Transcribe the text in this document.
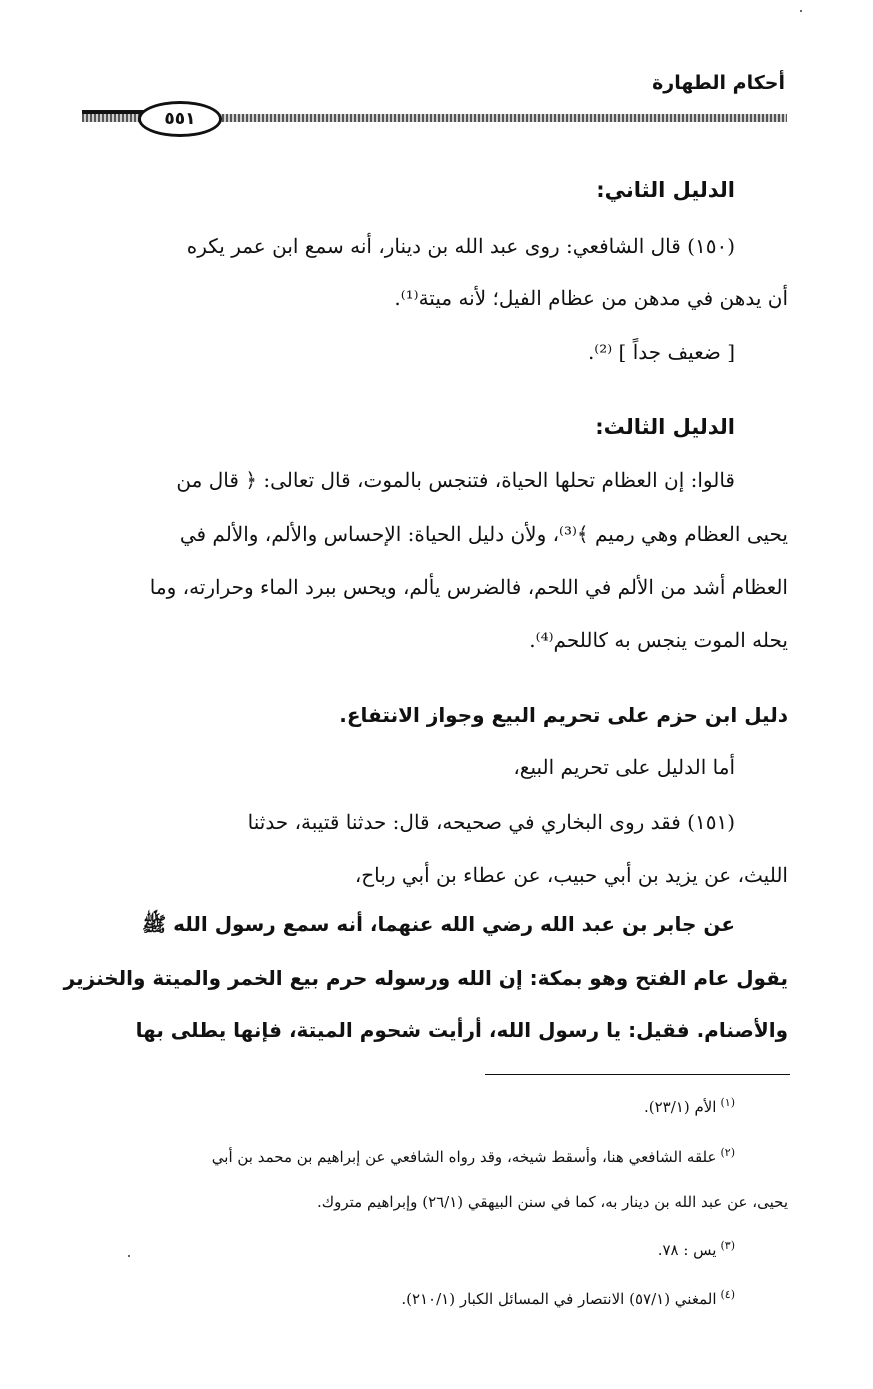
أحكام الطهارة
٥٥١

الدليل الثاني:

(١٥٠) قال الشافعي: روى عبد الله بن دينار، أنه سمع ابن عمر يكره

أن يدهن في مدهن من عظام الفيل؛ لأنه ميتة⁽¹⁾.

[ ضعيف جداً ] ⁽²⁾.

الدليل الثالث:

قالوا: إن العظام تحلها الحياة، فتنجس بالموت، قال تعالى: ﴿ قال من

يحيى العظام وهي رميم ﴾⁽³⁾، ولأن دليل الحياة: الإحساس والألم، والألم في

العظام أشد من الألم في اللحم، فالضرس يألم، ويحس ببرد الماء وحرارته، وما

يحله الموت ينجس به كاللحم⁽⁴⁾.

دليل ابن حزم على تحريم البيع وجواز الانتفاع.

أما الدليل على تحريم البيع،

(١٥١) فقد روى البخاري في صحيحه، قال: حدثنا قتيبة، حدثنا

الليث، عن يزيد بن أبي حبيب، عن عطاء بن أبي رباح،

عن جابر بن عبد الله رضي الله عنهما، أنه سمع رسول الله ﷺ

يقول عام الفتح وهو بمكة: إن الله ورسوله حرم بيع الخمر والميتة والخنزير

والأصنام. فقيل: يا رسول الله، أرأيت شحوم الميتة، فإنها يطلى بها

$^{(١)}$الأم (٢٣/١).

$^{(٢)}$علقه الشافعي هنا، وأسقط شيخه، وقد رواه الشافعي عن إبراهيم بن محمد بن أبي

يحيى، عن عبد الله بن دينار به، كما في سنن البيهقي (٢٦/١) وإبراهيم متروك.

$^{(٣)}$يس : ٧٨.

$^{(٤)}$المغني (٥٧/١) الانتصار في المسائل الكبار (٢١٠/١).
